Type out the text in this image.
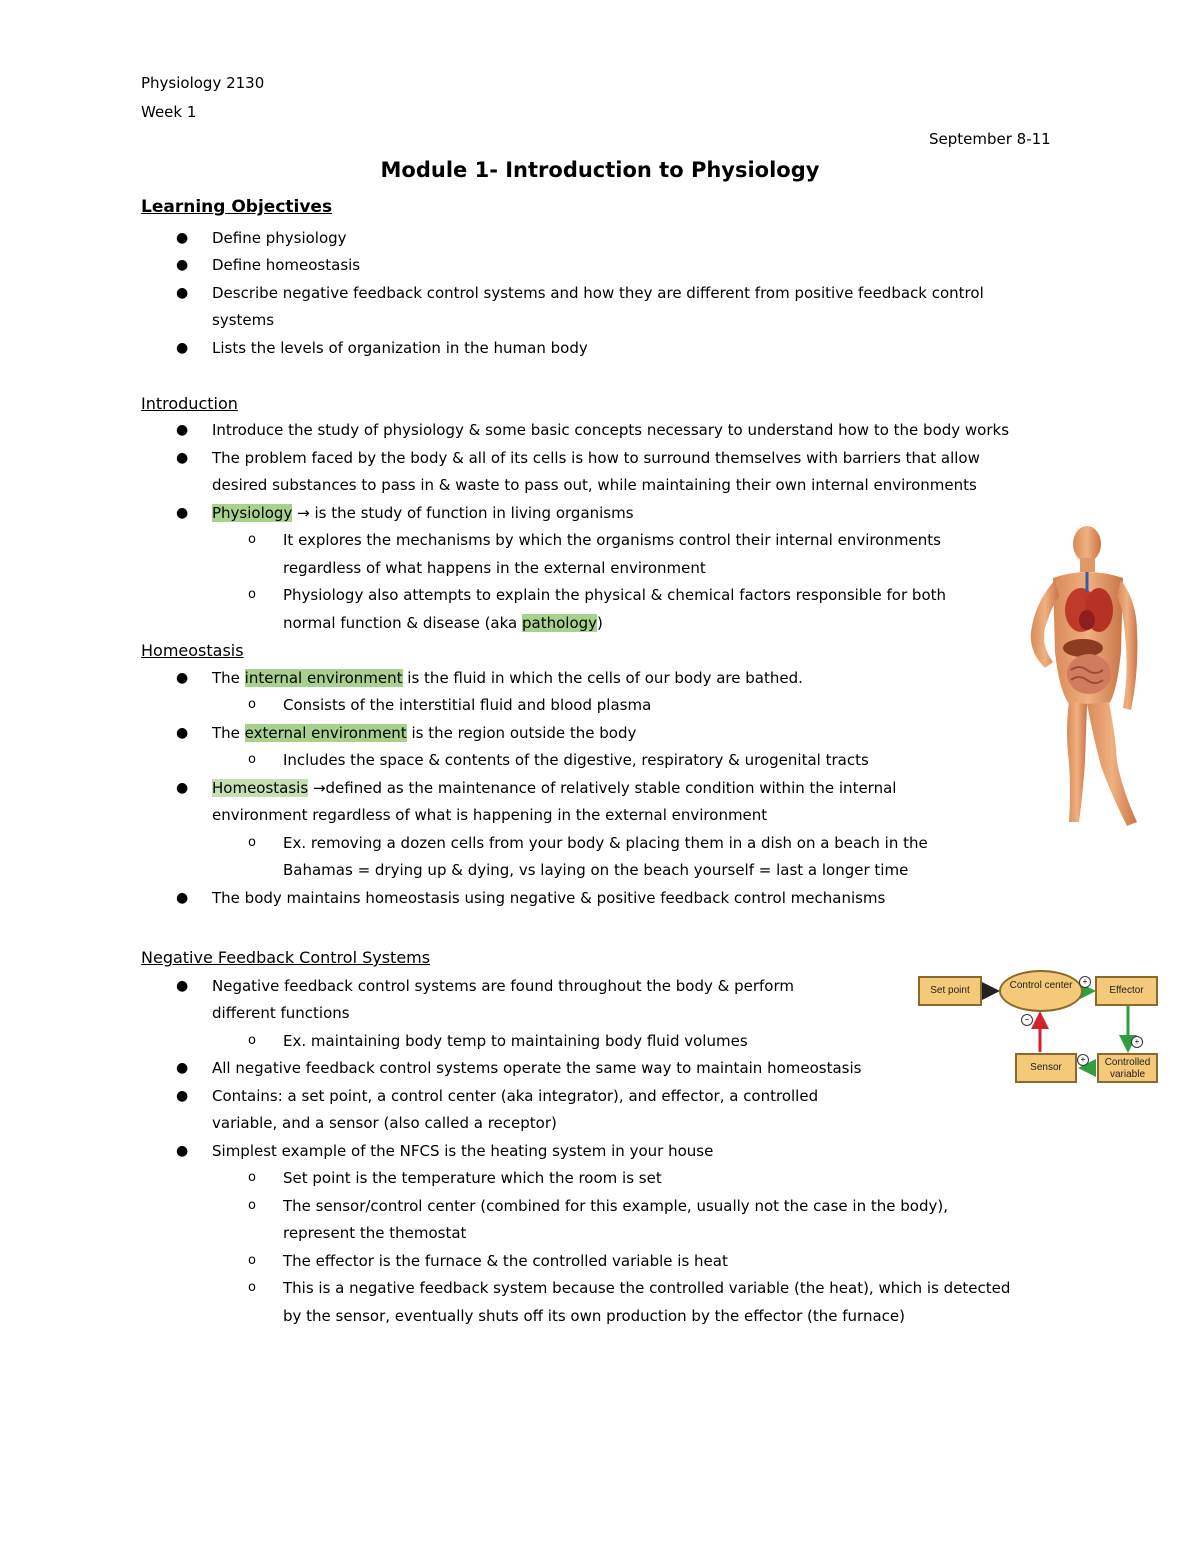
Physiology 2130
Week 1
September 8-11
Module 1- Introduction to Physiology
Learning Objectives
● Define physiology
● Define homeostasis
● Describe negative feedback control systems and how they are different from positive feedback control
systems
● Lists the levels of organization in the human body
Introduction
● Introduce the study of physiology & some basic concepts necessary to understand how to the body works
● The problem faced by the body & all of its cells is how to surround themselves with barriers that allow
desired substances to pass in & waste to pass out, while maintaining their own internal environments
● Physiology → is the study of function in living organisms
o It explores the mechanisms by which the organisms control their internal environments
regardless of what happens in the external environment
o Physiology also attempts to explain the physical & chemical factors responsible for both
normal function & disease (aka pathology)
Homeostasis
● The internal environment is the fluid in which the cells of our body are bathed.
o Consists of the interstitial fluid and blood plasma
● The external environment is the region outside the body
o Includes the space & contents of the digestive, respiratory & urogenital tracts
● Homeostasis →defined as the maintenance of relatively stable condition within the internal
environment regardless of what is happening in the external environment
o Ex. removing a dozen cells from your body & placing them in a dish on a beach in the
Bahamas = drying up & dying, vs laying on the beach yourself = last a longer time
● The body maintains homeostasis using negative & positive feedback control mechanisms
Negative Feedback Control Systems
● Negative feedback control systems are found throughout the body & perform
different functions
o Ex. maintaining body temp to maintaining body fluid volumes
● All negative feedback control systems operate the same way to maintain homeostasis
● Contains: a set point, a control center (aka integrator), and effector, a controlled
variable, and a sensor (also called a receptor)
● Simplest example of the NFCS is the heating system in your house
o Set point is the temperature which the room is set
o The sensor/control center (combined for this example, usually not the case in the body),
represent the themostat
o The effector is the furnace & the controlled variable is heat
o This is a negative feedback system because the controlled variable (the heat), which is detected
by the sensor, eventually shuts off its own production by the effector (the furnace)
Set point	Control center	Effector
Sensor	Controlled variable
+
−
+
+
